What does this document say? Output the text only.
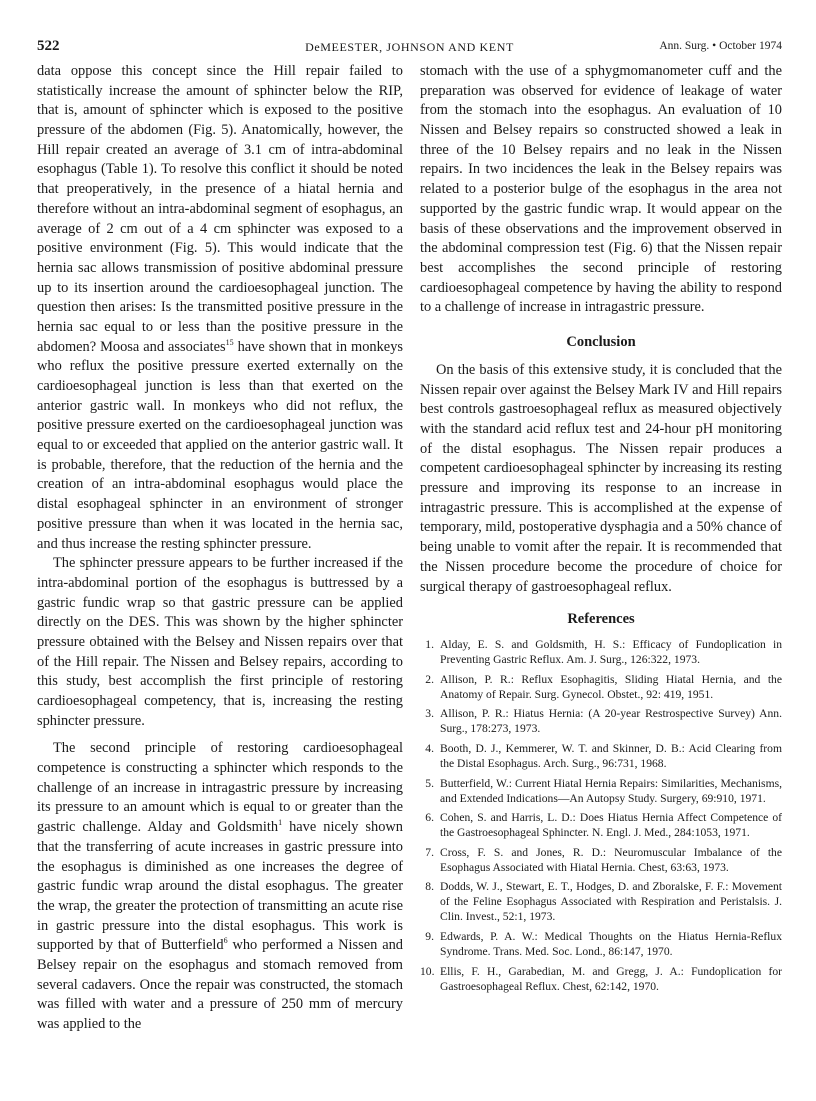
522	DeMEESTER, JOHNSON AND KENT	Ann. Surg. • October 1974

data oppose this concept since the Hill repair failed to statistically increase the amount of sphincter below the RIP, that is, amount of sphincter which is exposed to the positive pressure of the abdomen (Fig. 5). Anatomically, however, the Hill repair created an average of 3.1 cm of intra-abdominal esophagus (Table 1). To resolve this conflict it should be noted that preoperatively, in the presence of a hiatal hernia and therefore without an intra-abdominal segment of esophagus, an average of 2 cm out of a 4 cm sphincter was exposed to a positive environment (Fig. 5). This would indicate that the hernia sac allows transmission of positive abdominal pressure up to its insertion around the cardioesophageal junction. The question then arises: Is the transmitted positive pressure in the hernia sac equal to or less than the positive pressure in the abdomen? Moosa and associates$^{15}$ have shown that in monkeys who reflux the positive pressure exerted externally on the cardioesophageal junction is less than that exerted on the anterior gastric wall. In monkeys who did not reflux, the positive pressure exerted on the cardioesophageal junction was equal to or exceeded that applied on the anterior gastric wall. It is probable, therefore, that the reduction of the hernia and the creation of an intra-abdominal esophagus would place the distal esophageal sphincter in an environment of stronger positive pressure than when it was located in the hernia sac, and thus increase the resting sphincter pressure.

The sphincter pressure appears to be further increased if the intra-abdominal portion of the esophagus is buttressed by a gastric fundic wrap so that gastric pressure can be applied directly on the DES. This was shown by the higher sphincter pressure obtained with the Belsey and Nissen repairs over that of the Hill repair. The Nissen and Belsey repairs, according to this study, best accomplish the first principle of restoring cardioesophageal competency, that is, increasing the resting sphincter pressure.

The second principle of restoring cardioesophageal competence is constructing a sphincter which responds to the challenge of an increase in intragastric pressure by increasing its pressure to an amount which is equal to or greater than the gastric challenge. Alday and Goldsmith$^1$ have nicely shown that the transferring of acute increases in gastric pressure into the esophagus is diminished as one increases the degree of gastric fundic wrap around the distal esophagus. The greater the wrap, the greater the protection of transmitting an acute rise in gastric pressure into the distal esophagus. This work is supported by that of Butterfield$^6$ who performed a Nissen and Belsey repair on the esophagus and stomach removed from several cadavers. Once the repair was constructed, the stomach was filled with water and a pressure of 250 mm of mercury was applied to the

stomach with the use of a sphygmomanometer cuff and the preparation was observed for evidence of leakage of water from the stomach into the esophagus. An evaluation of 10 Nissen and Belsey repairs so constructed showed a leak in three of the 10 Belsey repairs and no leak in the Nissen repairs. In two incidences the leak in the Belsey repairs was related to a posterior bulge of the esophagus in the area not supported by the gastric fundic wrap. It would appear on the basis of these observations and the improvement observed in the abdominal compression test (Fig. 6) that the Nissen repair best accomplishes the second principle of restoring cardioesophageal competence by having the ability to respond to a challenge of increase in intragastric pressure.

Conclusion

On the basis of this extensive study, it is concluded that the Nissen repair over against the Belsey Mark IV and Hill repairs best controls gastroesophageal reflux as measured objectively with the standard acid reflux test and 24-hour pH monitoring of the distal esophagus. The Nissen repair produces a competent cardioesophageal sphincter by increasing its resting pressure and improving its response to an increase in intragastric pressure. This is accomplished at the expense of temporary, mild, postoperative dysphagia and a 50% chance of being unable to vomit after the repair. It is recommended that the Nissen procedure become the procedure of choice for surgical therapy of gastroesophageal reflux.

References
1. Alday, E. S. and Goldsmith, H. S.: Efficacy of Fundoplication in Preventing Gastric Reflux. Am. J. Surg., 126:322, 1973.
2. Allison, P. R.: Reflux Esophagitis, Sliding Hiatal Hernia, and the Anatomy of Repair. Surg. Gynecol. Obstet., 92: 419, 1951.
3. Allison, P. R.: Hiatus Hernia: (A 20-year Restrospective Survey) Ann. Surg., 178:273, 1973.
4. Booth, D. J., Kemmerer, W. T. and Skinner, D. B.: Acid Clearing from the Distal Esophagus. Arch. Surg., 96:731, 1968.
5. Butterfield, W.: Current Hiatal Hernia Repairs: Similarities, Mechanisms, and Extended Indications—An Autopsy Study. Surgery, 69:910, 1971.
6. Cohen, S. and Harris, L. D.: Does Hiatus Hernia Affect Competence of the Gastroesophageal Sphincter. N. Engl. J. Med., 284:1053, 1971.
7. Cross, F. S. and Jones, R. D.: Neuromuscular Imbalance of the Esophagus Associated with Hiatal Hernia. Chest, 63:63, 1973.
8. Dodds, W. J., Stewart, E. T., Hodges, D. and Zboralske, F. F.: Movement of the Feline Esophagus Associated with Respiration and Peristalsis. J. Clin. Invest., 52:1, 1973.
9. Edwards, P. A. W.: Medical Thoughts on the Hiatus Hernia-Reflux Syndrome. Trans. Med. Soc. Lond., 86:147, 1970.
10. Ellis, F. H., Garabedian, M. and Gregg, J. A.: Fundoplication for Gastroesophageal Reflux. Chest, 62:142, 1970.
